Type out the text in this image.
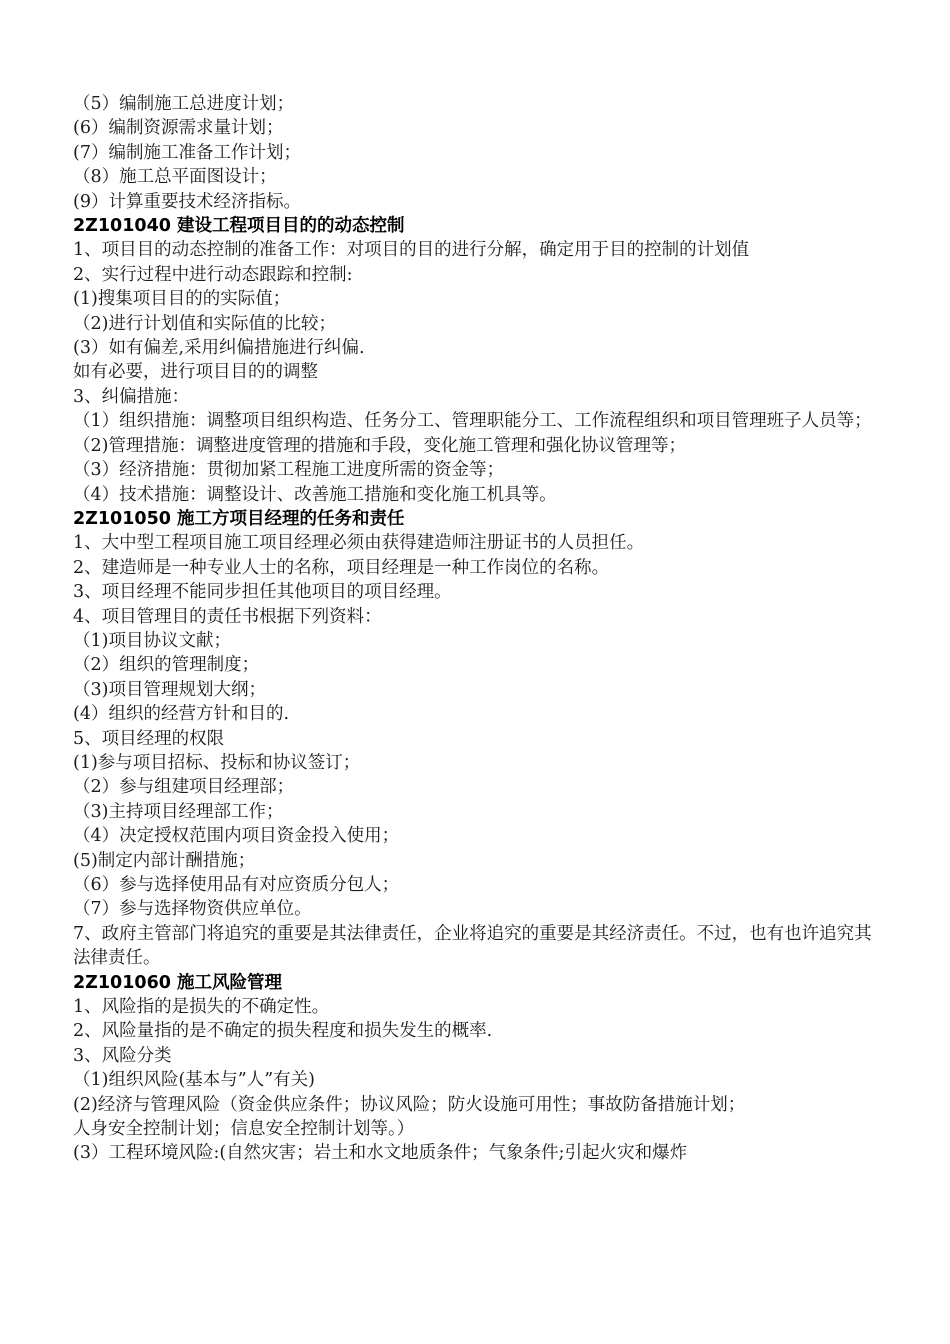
（5）编制施工总进度计划；
(6）编制资源需求量计划；
(7）编制施工准备工作计划；
（8）施工总平面图设计；
(9）计算重要技术经济指标。
2Z101040 建设工程项目目的的动态控制
1、项目目的动态控制的准备工作：对项目的目的进行分解，确定用于目的控制的计划值
2、实行过程中进行动态跟踪和控制:
(1)搜集项目目的的实际值；
（2)进行计划值和实际值的比较；
(3）如有偏差,采用纠偏措施进行纠偏.
如有必要，进行项目目的的调整
3、纠偏措施：
（1）组织措施：调整项目组织构造、任务分工、管理职能分工、工作流程组织和项目管理班子人员等；
（2)管理措施：调整进度管理的措施和手段，变化施工管理和强化协议管理等；
（3）经济措施：贯彻加紧工程施工进度所需的资金等；
（4）技术措施：调整设计、改善施工措施和变化施工机具等。
2Z101050 施工方项目经理的任务和责任
1、大中型工程项目施工项目经理必须由获得建造师注册证书的人员担任。
2、建造师是一种专业人士的名称，项目经理是一种工作岗位的名称。
3、项目经理不能同步担任其他项目的项目经理。
4、项目管理目的责任书根据下列资料：
（1)项目协议文献；
（2）组织的管理制度；
（3)项目管理规划大纲；
(4）组织的经营方针和目的.
5、项目经理的权限
(1)参与项目招标、投标和协议签订；
（2）参与组建项目经理部；
（3)主持项目经理部工作；
（4）决定授权范围内项目资金投入使用；
(5)制定内部计酬措施；
（6）参与选择使用品有对应资质分包人；
（7）参与选择物资供应单位。
7、政府主管部门将追究的重要是其法律责任，企业将追究的重要是其经济责任。不过，也有也许追究其法律责任。
2Z101060 施工风险管理
1、风险指的是损失的不确定性。
2、风险量指的是不确定的损失程度和损失发生的概率.
3、风险分类
（1)组织风险(基本与”人”有关)
(2)经济与管理风险（资金供应条件；协议风险；防火设施可用性；事故防备措施计划；
人身安全控制计划；信息安全控制计划等。）
(3）工程环境风险:(自然灾害；岩土和水文地质条件；气象条件;引起火灾和爆炸
